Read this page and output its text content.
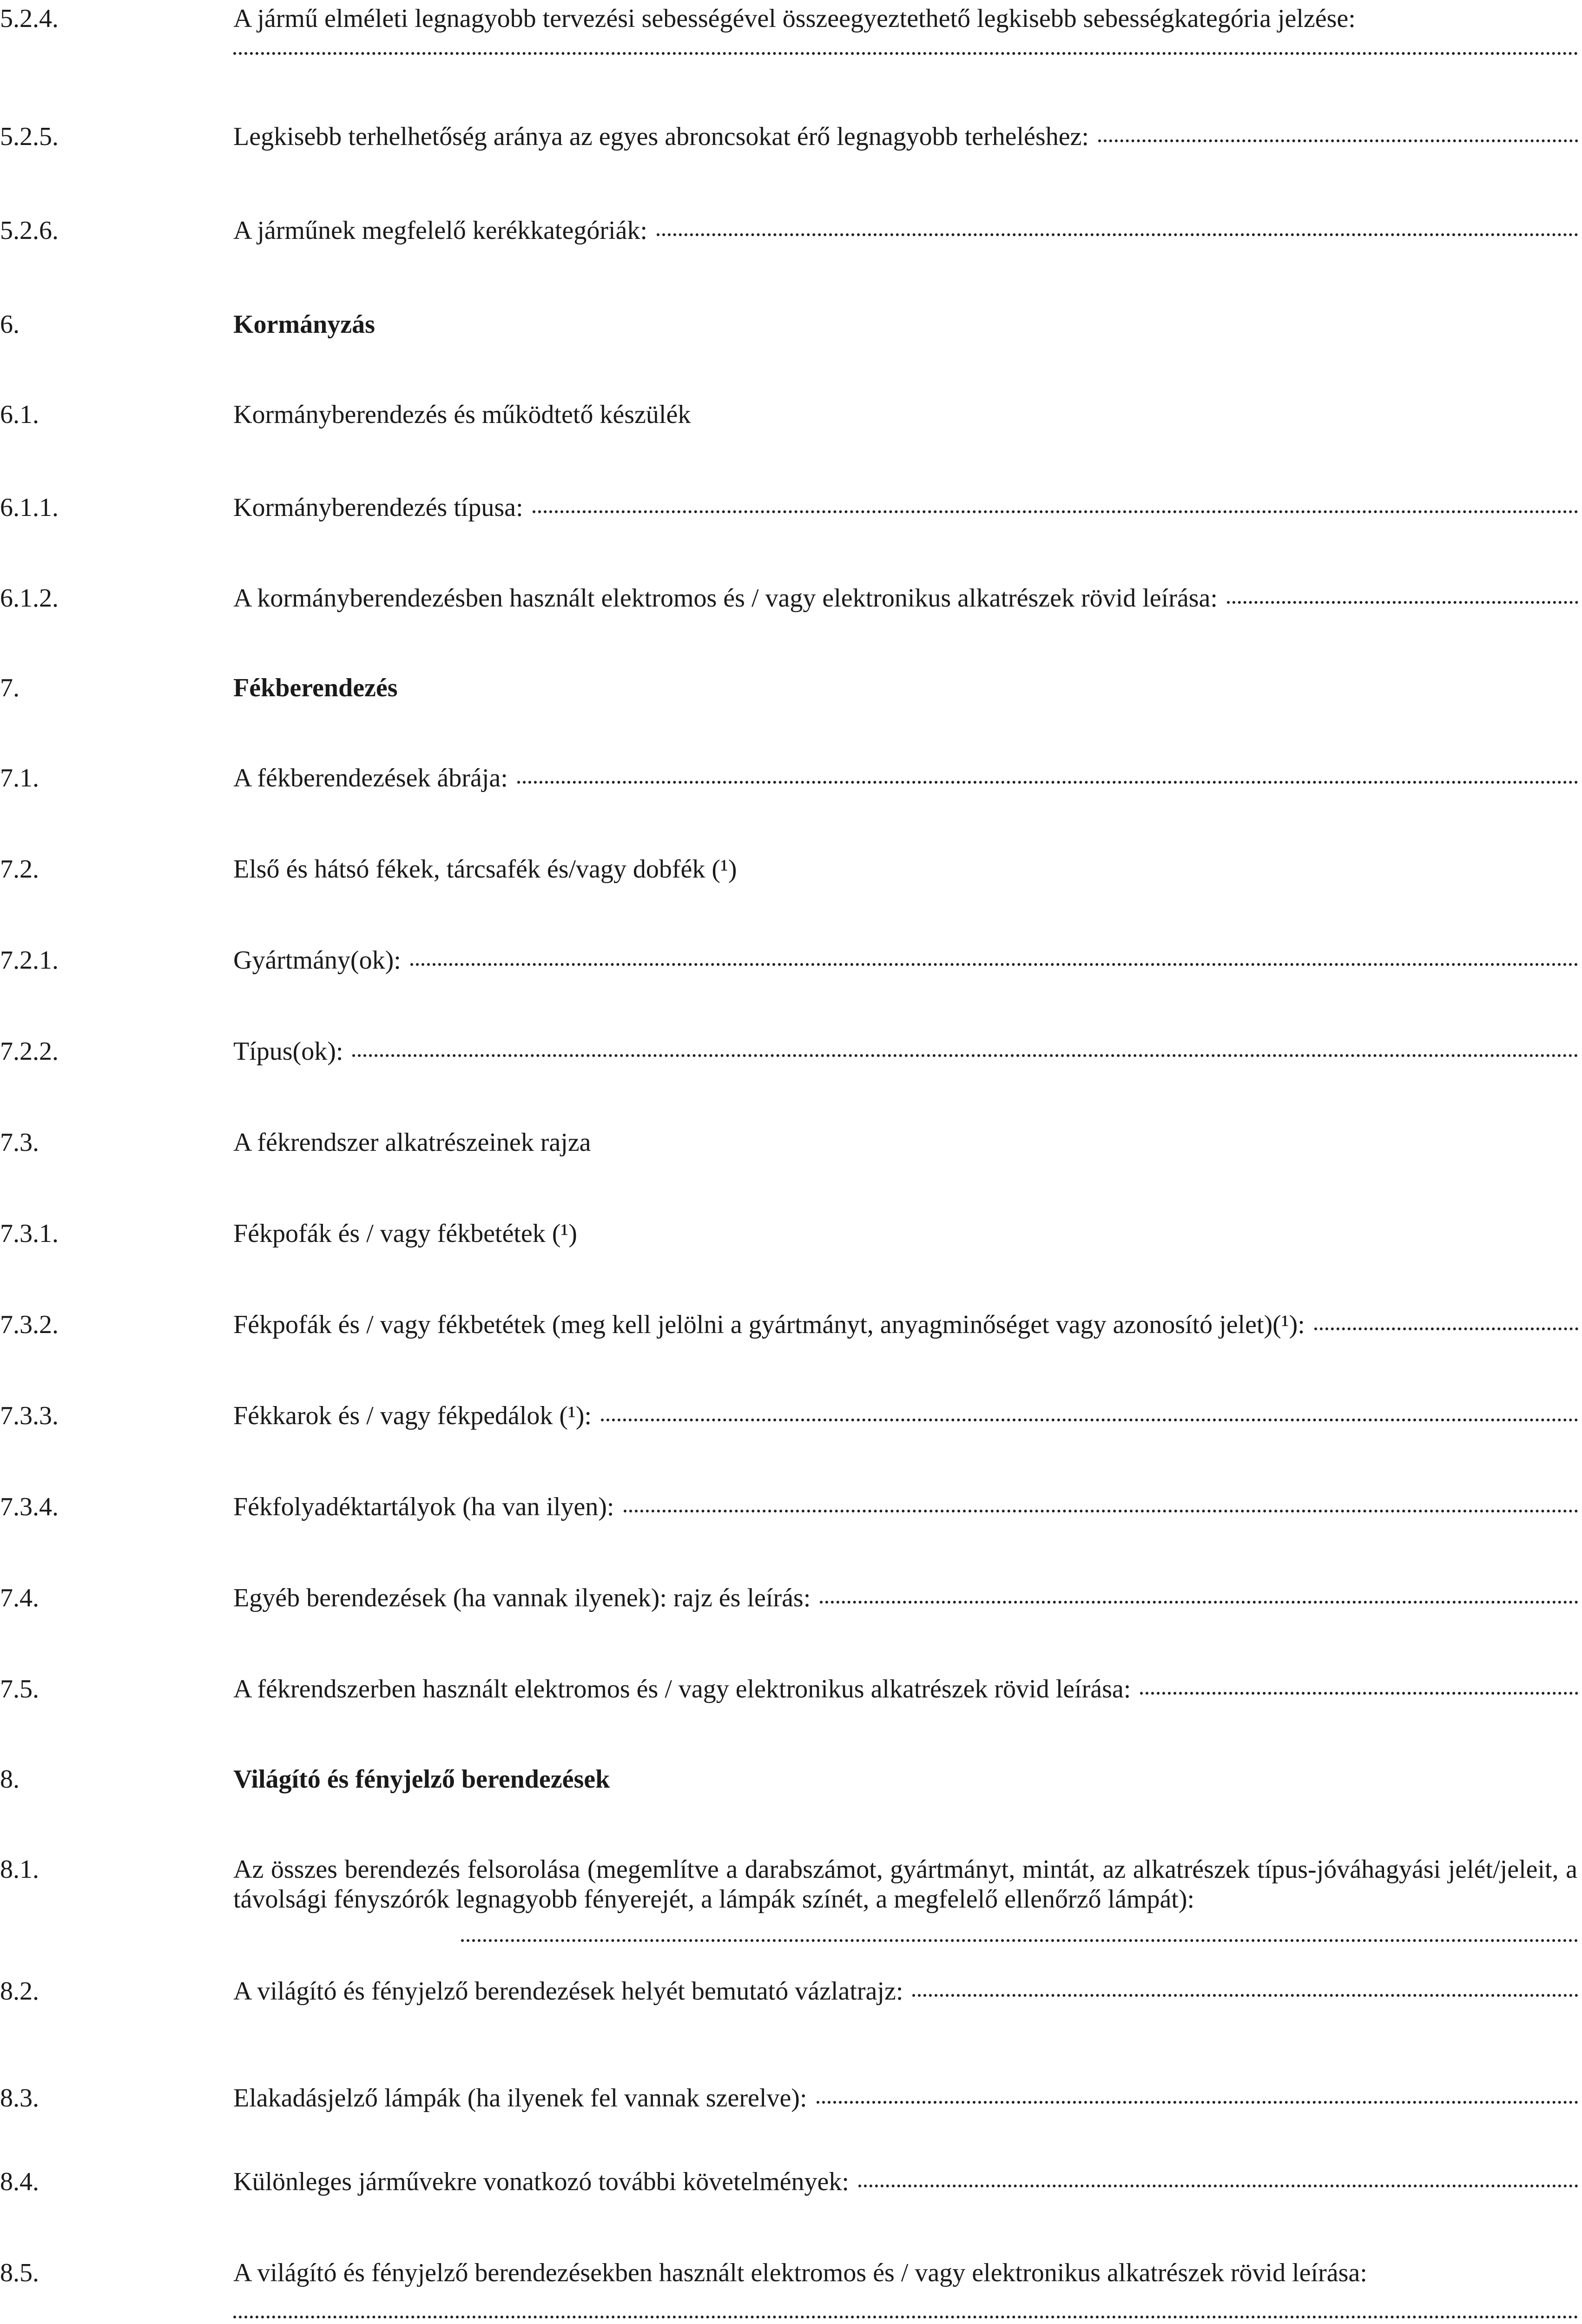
5.2.4.	A jármű elméleti legnagyobb tervezési sebességével összeegyeztethető legkisebb sebességkategória jelzése:
5.2.5.	Legkisebb terhelhetőség aránya az egyes abroncsokat érő legnagyobb terheléshez:
5.2.6.	A járműnek megfelelő kerékkategóriák:
6.	Kormányzás
6.1.	Kormányberendezés és működtető készülék
6.1.1.	Kormányberendezés típusa:
6.1.2.	A kormányberendezésben használt elektromos és / vagy elektronikus alkatrészek rövid leírása:
7.	Fékberendezés
7.1.	A fékberendezések ábrája:
7.2.	Első és hátsó fékek, tárcsafék és/vagy dobfék (¹)
7.2.1.	Gyártmány(ok):
7.2.2.	Típus(ok):
7.3.	A fékrendszer alkatrészeinek rajza
7.3.1.	Fékpofák és / vagy fékbetétek (¹)
7.3.2.	Fékpofák és / vagy fékbetétek (meg kell jelölni a gyártmányt, anyagminőséget vagy azonosító jelet)(¹):
7.3.3.	Fékkarok és / vagy fékpedálok (¹):
7.3.4.	Fékfolyadéktartályok (ha van ilyen):
7.4.	Egyéb berendezések (ha vannak ilyenek): rajz és leírás:
7.5.	A fékrendszerben használt elektromos és / vagy elektronikus alkatrészek rövid leírása:
8.	Világító és fényjelző berendezések
8.1.	Az összes berendezés felsorolása (megemlítve a darabszámot, gyártmányt, mintát, az alkatrészek típus-jóváhagyási jelét/jeleit, a távolsági fényszórók legnagyobb fényerejét, a lámpák színét, a megfelelő ellenőrző lámpát):
8.2.	A világító és fényjelző berendezések helyét bemutató vázlatrajz:
8.3.	Elakadásjelző lámpák (ha ilyenek fel vannak szerelve):
8.4.	Különleges járművekre vonatkozó további követelmények:
8.5.	A világító és fényjelző berendezésekben használt elektromos és / vagy elektronikus alkatrészek rövid leírása:
